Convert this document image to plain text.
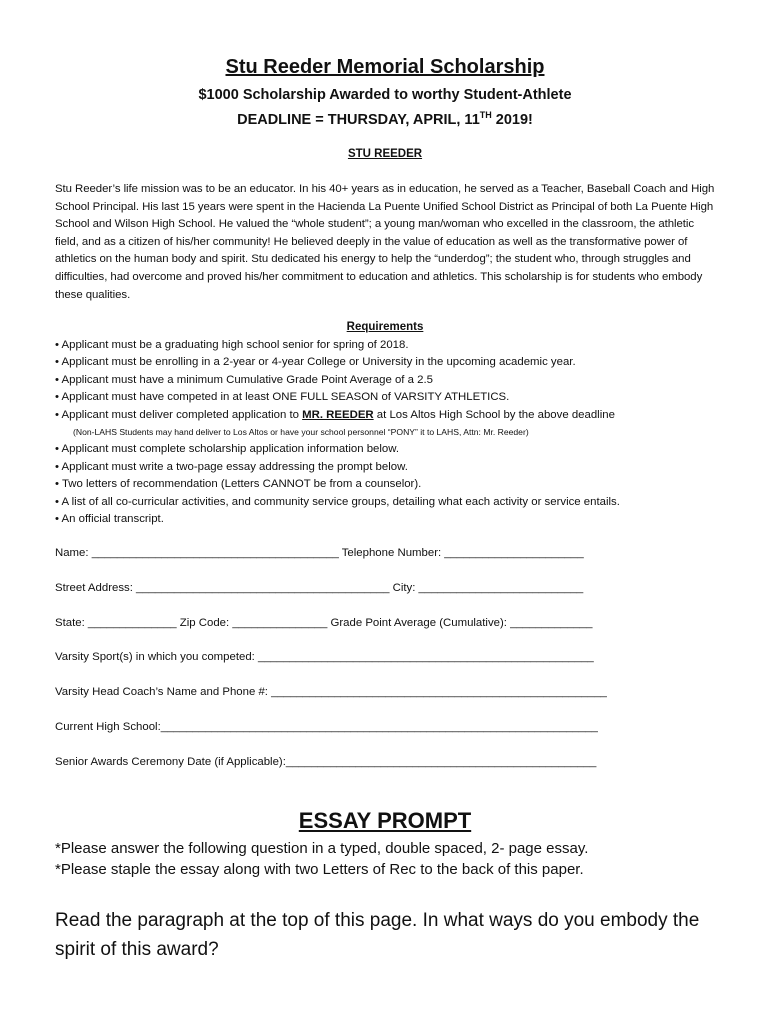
Stu Reeder Memorial Scholarship
$1000 Scholarship Awarded to worthy Student-Athlete
DEADLINE = THURSDAY, APRIL, 11TH 2019!
STU REEDER
Stu Reeder’s life mission was to be an educator. In his 40+ years as in education, he served as a Teacher, Baseball Coach and High School Principal. His last 15 years were spent in the Hacienda La Puente Unified School District as Principal of both La Puente High School and Wilson High School. He valued the “whole student”; a young man/woman who excelled in the classroom, the athletic field, and as a citizen of his/her community! He believed deeply in the value of education as well as the transformative power of athletics on the human body and spirit. Stu dedicated his energy to help the “underdog”; the student who, through struggles and difficulties, had overcome and proved his/her commitment to education and athletics. This scholarship is for students who embody these qualities.
Requirements
• Applicant must be a graduating high school senior for spring of 2018.
• Applicant must be enrolling in a 2-year or 4-year College or University in the upcoming academic year.
• Applicant must have a minimum Cumulative Grade Point Average of a 2.5
• Applicant must have competed in at least ONE FULL SEASON of VARSITY ATHLETICS.
• Applicant must deliver completed application to MR. REEDER at Los Altos High School by the above deadline
(Non-LAHS Students may hand deliver to Los Altos or have your school personnel “PONY” it to LAHS, Attn: Mr. Reeder)
• Applicant must complete scholarship application information below.
• Applicant must write a two-page essay addressing the prompt below.
• Two letters of recommendation (Letters CANNOT be from a counselor).
• A list of all co-curricular activities, and community service groups, detailing what each activity or service entails.
• An official transcript.
Name: _______________________________________ Telephone Number: ______________________
Street Address: ________________________________________ City: __________________________
State: ______________ Zip Code: _______________ Grade Point Average (Cumulative): _____________
Varsity Sport(s) in which you competed: _____________________________________________________
Varsity Head Coach’s Name and Phone #: _____________________________________________________
Current High School:_____________________________________________________________________
Senior Awards Ceremony Date (if Applicable):_________________________________________________
ESSAY PROMPT
*Please answer the following question in a typed, double spaced, 2- page essay.
*Please staple the essay along with two Letters of Rec to the back of this paper.
Read the paragraph at the top of this page. In what ways do you embody the spirit of this award?
